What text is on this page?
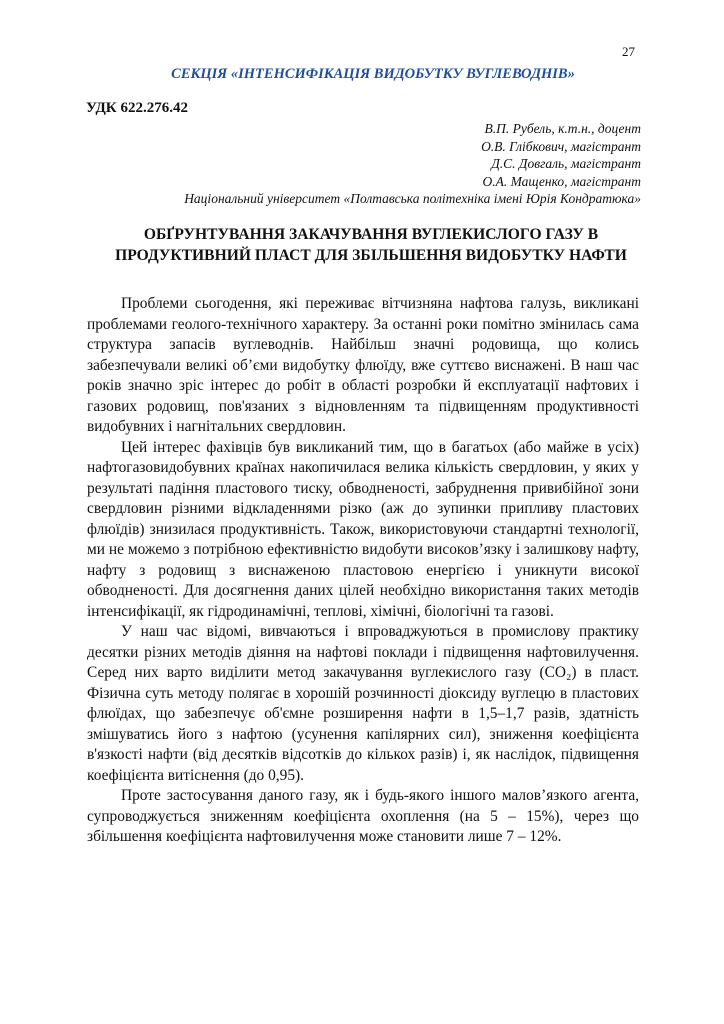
27
СЕКЦІЯ «ІНТЕНСИФІКАЦІЯ ВИДОБУТКУ ВУГЛЕВОДНІВ»
УДК 622.276.42
В.П. Рубель, к.т.н., доцент
О.В. Глібкович, магістрант
Д.С. Довгаль, магістрант
О.А. Мащенко, магістрант
Національний університет «Полтавська політехніка імені Юрія Кондратюка»
ОБҐРУНТУВАННЯ ЗАКАЧУВАННЯ ВУГЛЕКИСЛОГО ГАЗУ В ПРОДУКТИВНИЙ ПЛАСТ ДЛЯ ЗБІЛЬШЕННЯ ВИДОБУТКУ НАФТИ

Проблеми сьогодення, які переживає вітчизняна нафтова галузь, викликані проблемами геолого-технічного характеру. За останні роки помітно змінилась сама структура запасів вуглеводнів. Найбільш значні родовища, що колись забезпечували великі об’єми видобутку флюїду, вже суттєво виснажені. В наш час років значно зріс інтерес до робіт в області розробки й експлуатації нафтових і газових родовищ, пов'язаних з відновленням та підвищенням продуктивності видобувних і нагнітальних свердловин.

Цей інтерес фахівців був викликаний тим, що в багатьох (або майже в усіх) нафтогазовидобувних країнах накопичилася велика кількість свердловин, у яких у результаті падіння пластового тиску, обводненості, забруднення привибійної зони свердловин різними відкладеннями різко (аж до зупинки припливу пластових флюїдів) знизилася продуктивність. Також, використовуючи стандартні технології, ми не можемо з потрібною ефективністю видобути високов’язку і залишкову нафту, нафту з родовищ з виснаженою пластовою енергією і уникнути високої обводненості. Для досягнення даних цілей необхідно використання таких методів інтенсифікації, як гідродинамічні, теплові, хімічні, біологічні та газові.

У наш час відомі, вивчаються і впроваджуються в промислову практику десятки різних методів діяння на нафтові поклади і підвищення нафтовилучення. Серед них варто виділити метод закачування вуглекислого газу (CO₂) в пласт. Фізична суть методу полягає в хорошій розчинності діоксиду вуглецю в пластових флюїдах, що забезпечує об'ємне розширення нафти в 1,5–1,7 разів, здатність змішуватись його з нафтою (усунення капілярних сил), зниження коефіцієнта в'язкості нафти (від десятків відсотків до кількох разів) і, як наслідок, підвищення коефіцієнта витіснення (до 0,95).

Проте застосування даного газу, як і будь-якого іншого малов’язкого агента, супроводжується зниженням коефіцієнта охоплення (на 5 – 15%), через що збільшення коефіцієнта нафтовилучення може становити лише 7 – 12%.
